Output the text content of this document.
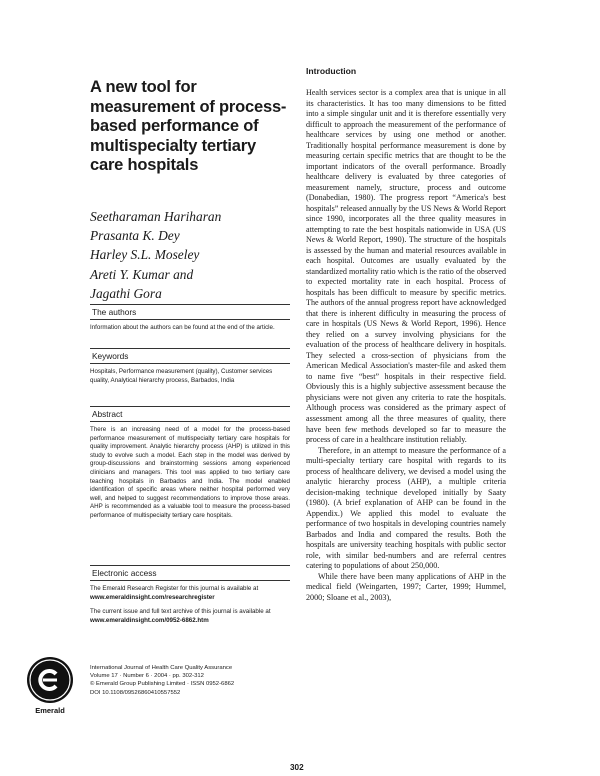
A new tool for measurement of process-based performance of multispecialty tertiary care hospitals
Seetharaman Hariharan
Prasanta K. Dey
Harley S.L. Moseley
Areti Y. Kumar and
Jagathi Gora
The authors

Information about the authors can be found at the end of the article.

Keywords

Hospitals, Performance measurement (quality), Customer services quality, Analytical hierarchy process, Barbados, India

Abstract

There is an increasing need of a model for the process-based performance measurement of multispecialty tertiary care hospitals for quality improvement. Analytic hierarchy process (AHP) is utilized in this study to evolve such a model. Each step in the model was derived by group-discussions and brainstorming sessions among experienced clinicians and managers. This tool was applied to two tertiary care teaching hospitals in Barbados and India. The model enabled identification of specific areas where neither hospital performed very well, and helped to suggest recommendations to improve those areas. AHP is recommended as a valuable tool to measure the process-based performance of multispecialty tertiary care hospitals.

Electronic access

The Emerald Research Register for this journal is available at
www.emeraldinsight.com/researchregister

The current issue and full text archive of this journal is available at
www.emeraldinsight.com/0952-6862.htm

Emerald
International Journal of Health Care Quality Assurance
Volume 17 · Number 6 · 2004 · pp. 302-312
© Emerald Group Publishing Limited · ISSN 0952-6862
DOI 10.1108/09526860410557552
Introduction

Health services sector is a complex area that is unique in all its characteristics. It has too many dimensions to be fitted into a simple singular unit and it is therefore essentially very difficult to approach the measurement of the performance of healthcare services by using one method or another. Traditionally hospital performance measurement is done by measuring certain specific metrics that are thought to be the important indicators of the overall performance. Broadly healthcare delivery is evaluated by three categories of measurement namely, structure, process and outcome (Donabedian, 1980). The progress report “America's best hospitals” released annually by the US News & World Report since 1990, incorporates all the three quality measures in attempting to rate the best hospitals nationwide in USA (US News & World Report, 1990). The structure of the hospitals is assessed by the human and material resources available in each hospital. Outcomes are usually evaluated by the standardized mortality ratio which is the ratio of the observed to expected mortality rate in each hospital. Process of hospitals has been difficult to measure by specific metrics. The authors of the annual progress report have acknowledged that there is inherent difficulty in measuring the process of care in hospitals (US News & World Report, 1996). Hence they relied on a survey involving physicians for the evaluation of the process of healthcare delivery in hospitals. They selected a cross-section of physicians from the American Medical Association's master-file and asked them to name five “best” hospitals in their respective field. Obviously this is a highly subjective assessment because the physicians were not given any criteria to rate the hospitals. Although process was considered as the primary aspect of assessment among all the three measures of quality, there have been few methods developed so far to measure the process of care in a healthcare institution reliably.

Therefore, in an attempt to measure the performance of a multi-specialty tertiary care hospital with regards to its process of healthcare delivery, we devised a model using the analytic hierarchy process (AHP), a multiple criteria decision-making technique developed initially by Saaty (1980). (A brief explanation of AHP can be found in the Appendix.) We applied this model to evaluate the performance of two hospitals in developing countries namely Barbados and India and compared the results. Both the hospitals are university teaching hospitals with public sector role, with similar bed-numbers and are referral centres catering to populations of about 250,000.

While there have been many applications of AHP in the medical field (Weingarten, 1997; Carter, 1999; Hummel, 2000; Sloane et al., 2003),

302
